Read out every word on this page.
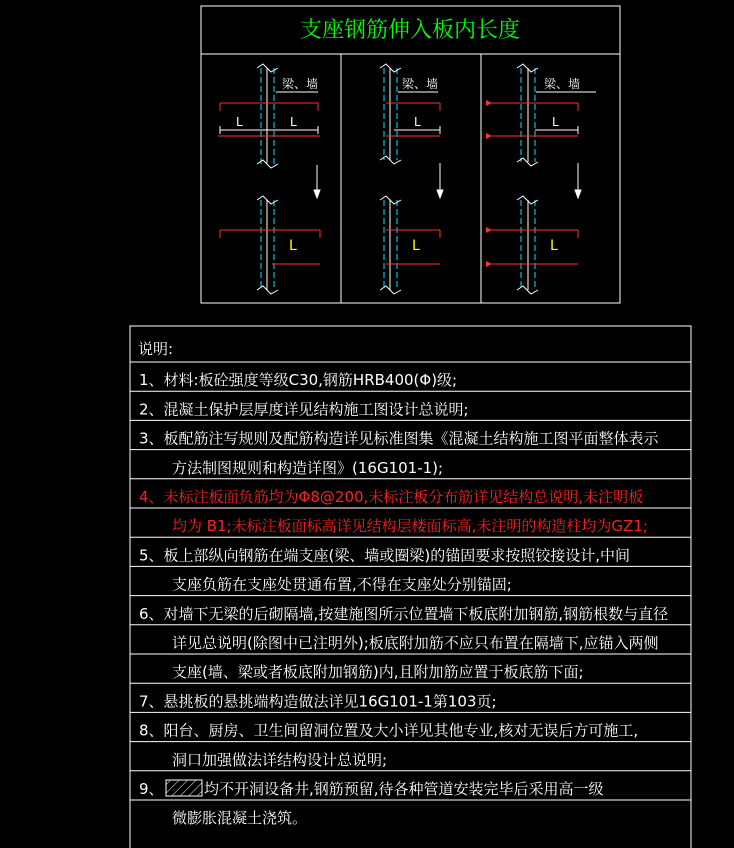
支座钢筋伸入板内长度
梁、墙
L	L
L
梁、墙
L
L
梁、墙
L
L
说明:
1、材料:板砼强度等级C30,钢筋HRB400(Φ)级;
2、混凝土保护层厚度详见结构施工图设计总说明;
3、板配筋注写规则及配筋构造详见标准图集《混凝土结构施工图平面整体表示
方法制图规则和构造详图》(16G101-1);
4、未标注板面负筋均为Φ8@200,未标注板分布筋详见结构总说明,未注明板
均为 B1;未标注板面标高详见结构层楼面标高,未注明的构造柱均为GZ1;
5、板上部纵向钢筋在端支座(梁、墙或圈梁)的锚固要求按照铰接设计,中间
支座负筋在支座处贯通布置,不得在支座处分别锚固;
6、对墙下无梁的后砌隔墙,按建施图所示位置墙下板底附加钢筋,钢筋根数与直径
详见总说明(除图中已注明外);板底附加筋不应只布置在隔墙下,应锚入两侧
支座(墙、梁或者板底附加钢筋)内,且附加筋应置于板底筋下面;
7、悬挑板的悬挑端构造做法详见16G101-1第103页;
8、阳台、厨房、卫生间留洞位置及大小详见其他专业,核对无误后方可施工,
洞口加强做法详结构设计总说明;
9、	均不开洞设备井,钢筋预留,待各种管道安装完毕后采用高一级
微膨胀混凝土浇筑。
